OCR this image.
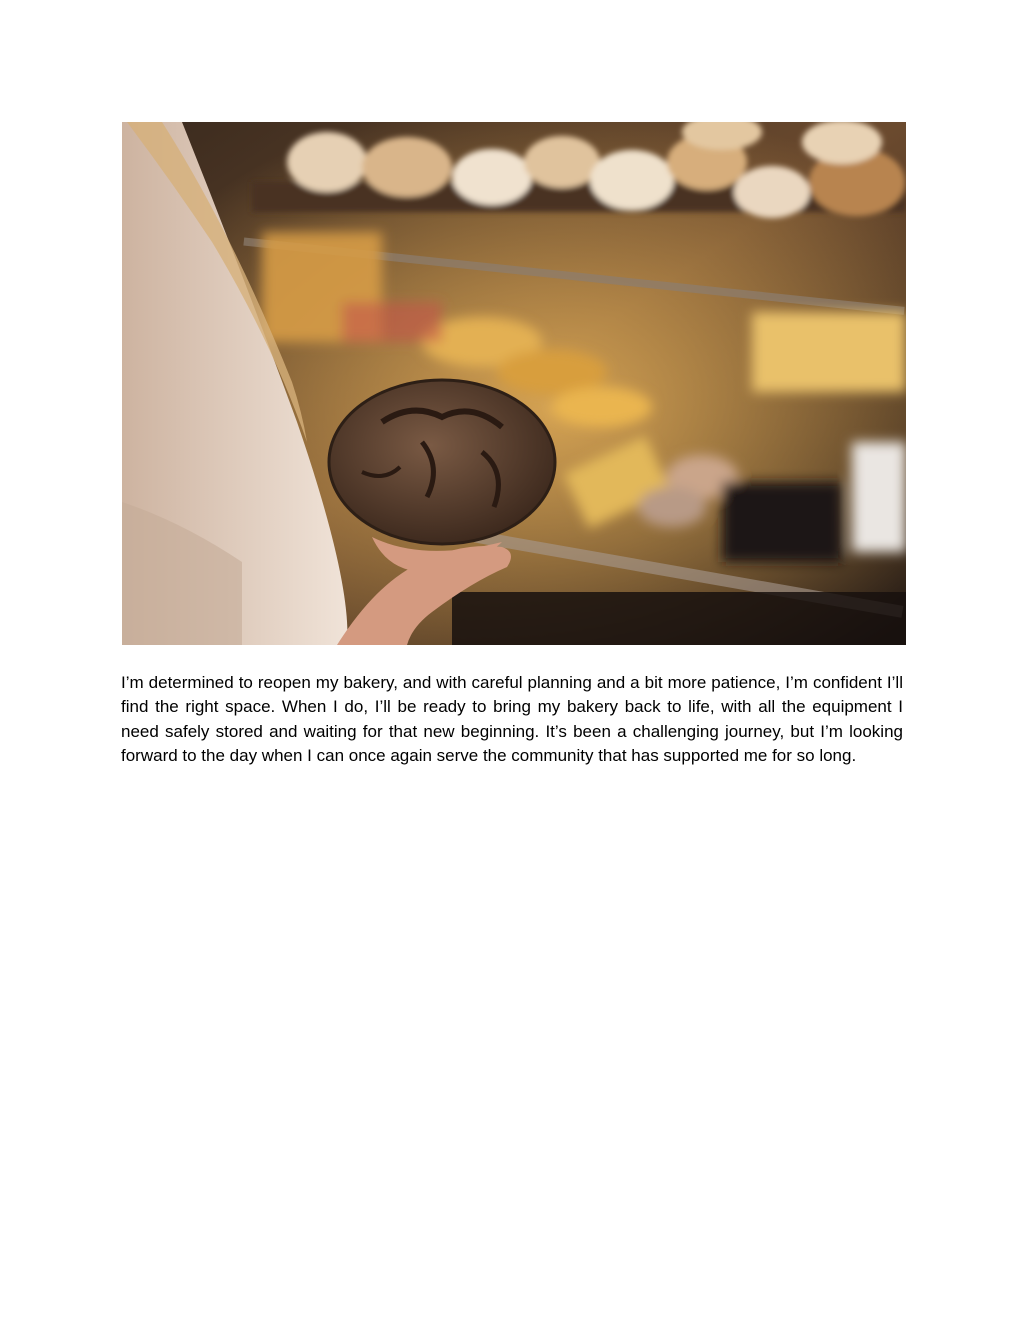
I’m determined to reopen my bakery, and with careful planning and a bit more patience, I’m confident I’ll find the right space. When I do, I’ll be ready to bring my bakery back to life, with all the equipment I need safely stored and waiting for that new beginning. It’s been a challenging journey, but I’m looking forward to the day when I can once again serve the community that has supported me for so long.
